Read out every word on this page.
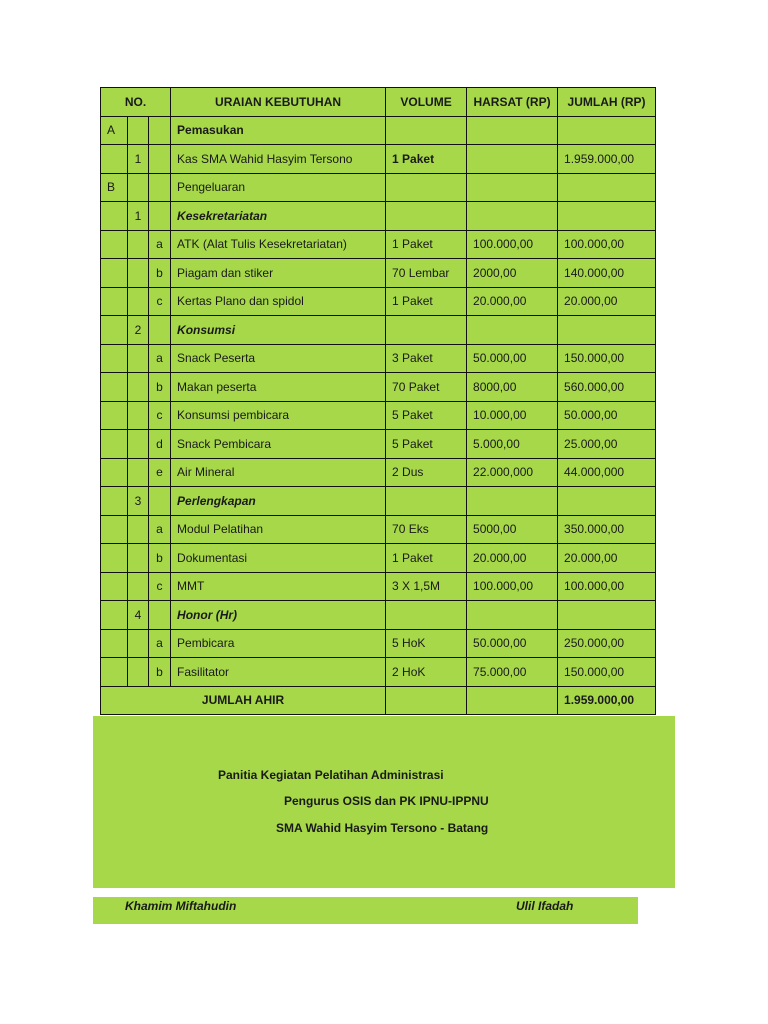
NO.			URAIAN KEBUTUHAN	VOLUME	HARSAT (RP)	JUMLAH (RP)
A			Pemasukan			
	1		Kas SMA Wahid Hasyim Tersono	1 Paket		1.959.000,00
B			Pengeluaran			
	1		Kesekretariatan			
		a	ATK (Alat Tulis Kesekretariatan)	1 Paket	100.000,00	100.000,00
		b	Piagam dan stiker	70 Lembar	2000,00	140.000,00
		c	Kertas Plano dan spidol	1 Paket	20.000,00	20.000,00
	2		Konsumsi			
		a	Snack Peserta	3 Paket	50.000,00	150.000,00
		b	Makan peserta	70 Paket	8000,00	560.000,00
		c	Konsumsi pembicara	5 Paket	10.000,00	50.000,00
		d	Snack Pembicara	5 Paket	5.000,00	25.000,00
		e	Air Mineral	2 Dus	22.000,000	44.000,000
	3		Perlengkapan			
		a	Modul Pelatihan	70 Eks	5000,00	350.000,00
		b	Dokumentasi	1 Paket	20.000,00	20.000,00
		c	MMT	3 X 1,5M	100.000,00	100.000,00
	4		Honor (Hr)			
		a	Pembicara	5 HoK	50.000,00	250.000,00
		b	Fasilitator	2 HoK	75.000,00	150.000,00
JUMLAH AHIR						1.959.000,00
Panitia Kegiatan Pelatihan Administrasi
Pengurus OSIS dan PK IPNU-IPPNU
SMA Wahid Hasyim Tersono - Batang
Khamim Miftahudin	Ulil Ifadah
